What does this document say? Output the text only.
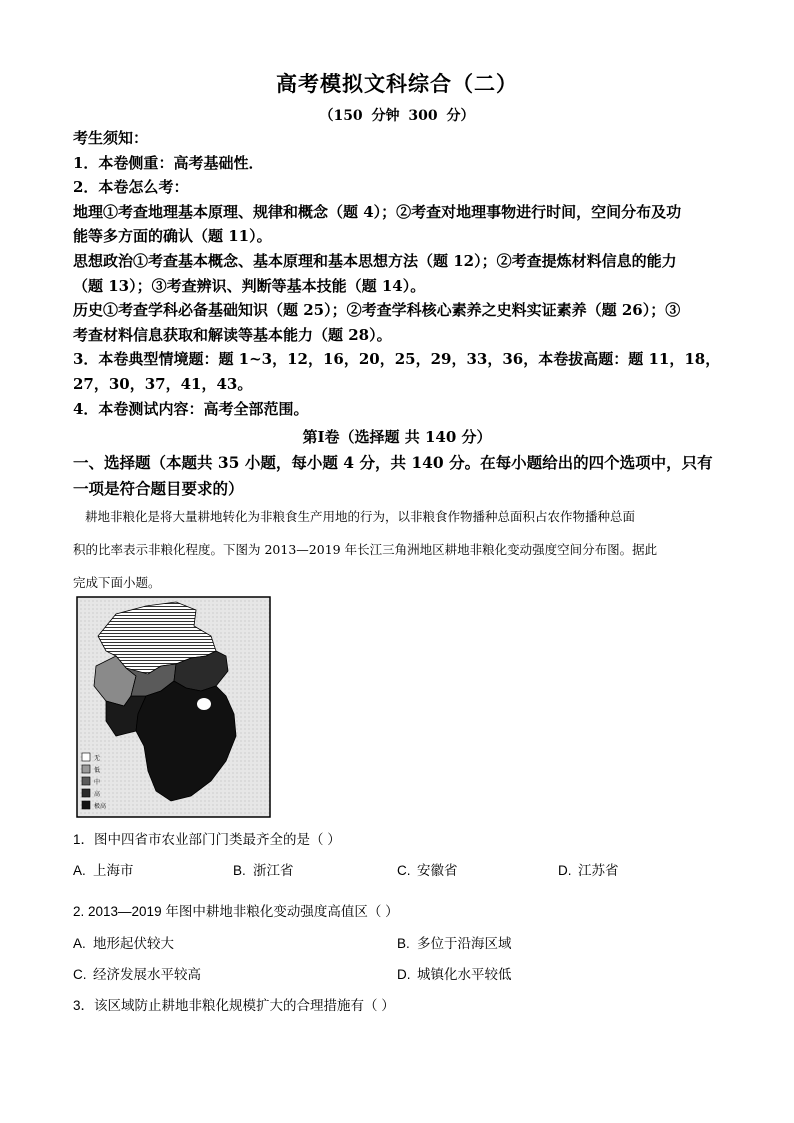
高考模拟文科综合（二）
（150 分钟 300 分）

考生须知：

1．本卷侧重：高考基础性．

2．本卷怎么考：

地理①考查地理基本原理、规律和概念（题 4）；②考查对地理事物进行时间，空间分布及功

能等多方面的确认（题 11）。

思想政治①考查基本概念、基本原理和基本思想方法（题 12）；②考查提炼材料信息的能力

（题 13）；③考查辨识、判断等基本技能（题 14）。

历史①考查学科必备基础知识（题 25）；②考查学科核心素养之史料实证素养（题 26）；③

考查材料信息获取和解读等基本能力（题 28）。

3．本卷典型情境题：题 1~3，12，16，20，25，29，33，36，本卷拔高题：题 11，18，

27，30，37，41，43。

4．本卷测试内容：高考全部范围。

第Ⅰ卷（选择题 共 140 分）
一、选择题（本题共 35 小题，每小题 4 分，共 140 分。在每小题给出的四个选项中，只有
一项是符合题目要求的）
耕地非粮化是将大量耕地转化为非粮食生产用地的行为，以非粮食作物播种总面积占农作物播种总面
积的比率表示非粮化程度。下图为 2013—2019 年长江三角洲地区耕地非粮化变动强度空间分布图。据此
完成下面小题。
无
低
中
高
极高
1．图中四省市农业部门门类最齐全的是（ ）
A. 上海市	B. 浙江省	C. 安徽省	D. 江苏省
2. 2013—2019 年图中耕地非粮化变动强度高值区（ ）
A. 地形起伏较大	B. 多位于沿海区域
C. 经济发展水平较高	D. 城镇化水平较低
3．该区域防止耕地非粮化规模扩大的合理措施有（ ）
